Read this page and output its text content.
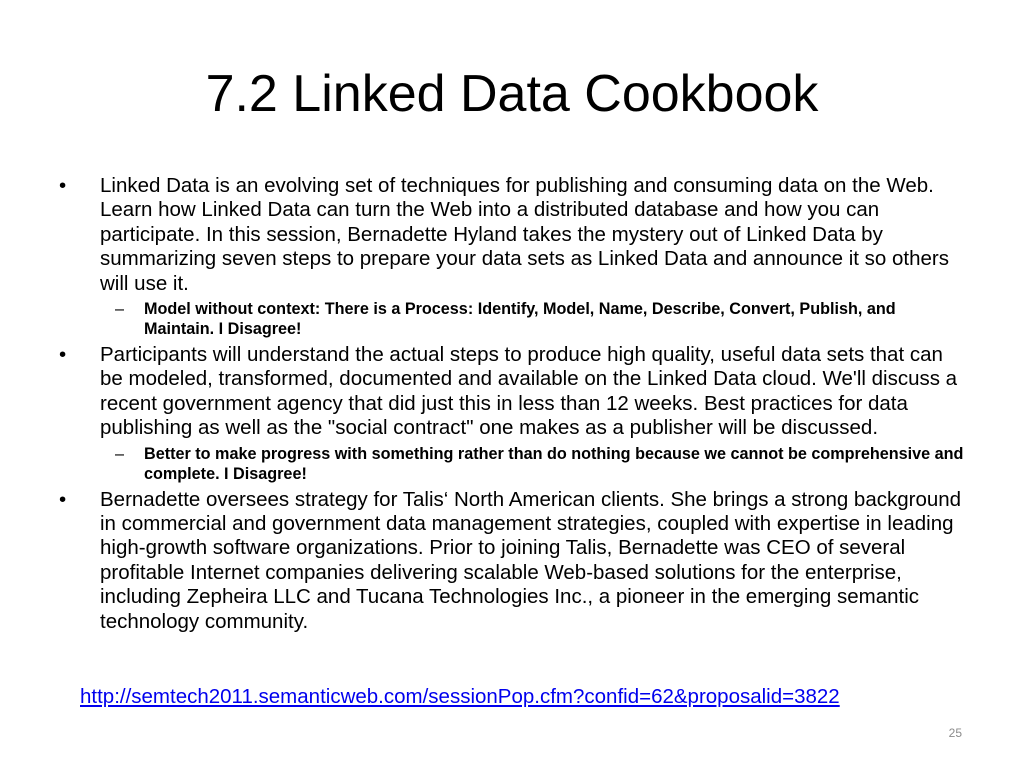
7.2 Linked Data Cookbook
• Linked Data is an evolving set of techniques for publishing and consuming data on the Web. Learn how Linked Data can turn the Web into a distributed database and how you can participate. In this session, Bernadette Hyland takes the mystery out of Linked Data by summarizing seven steps to prepare your data sets as Linked Data and announce it so others will use it.
– Model without context: There is a Process: Identify, Model, Name, Describe, Convert, Publish, and Maintain. I Disagree!
• Participants will understand the actual steps to produce high quality, useful data sets that can be modeled, transformed, documented and available on the Linked Data cloud. We'll discuss a recent government agency that did just this in less than 12 weeks. Best practices for data publishing as well as the "social contract" one makes as a publisher will be discussed.
– Better to make progress with something rather than do nothing because we cannot be comprehensive and complete. I Disagree!
• Bernadette oversees strategy for Talis‘ North American clients. She brings a strong background in commercial and government data management strategies, coupled with expertise in leading high-growth software organizations. Prior to joining Talis, Bernadette was CEO of several profitable Internet companies delivering scalable Web-based solutions for the enterprise, including Zepheira LLC and Tucana Technologies Inc., a pioneer in the emerging semantic technology community.
http://semtech2011.semanticweb.com/sessionPop.cfm?confid=62&proposalid=3822
25
